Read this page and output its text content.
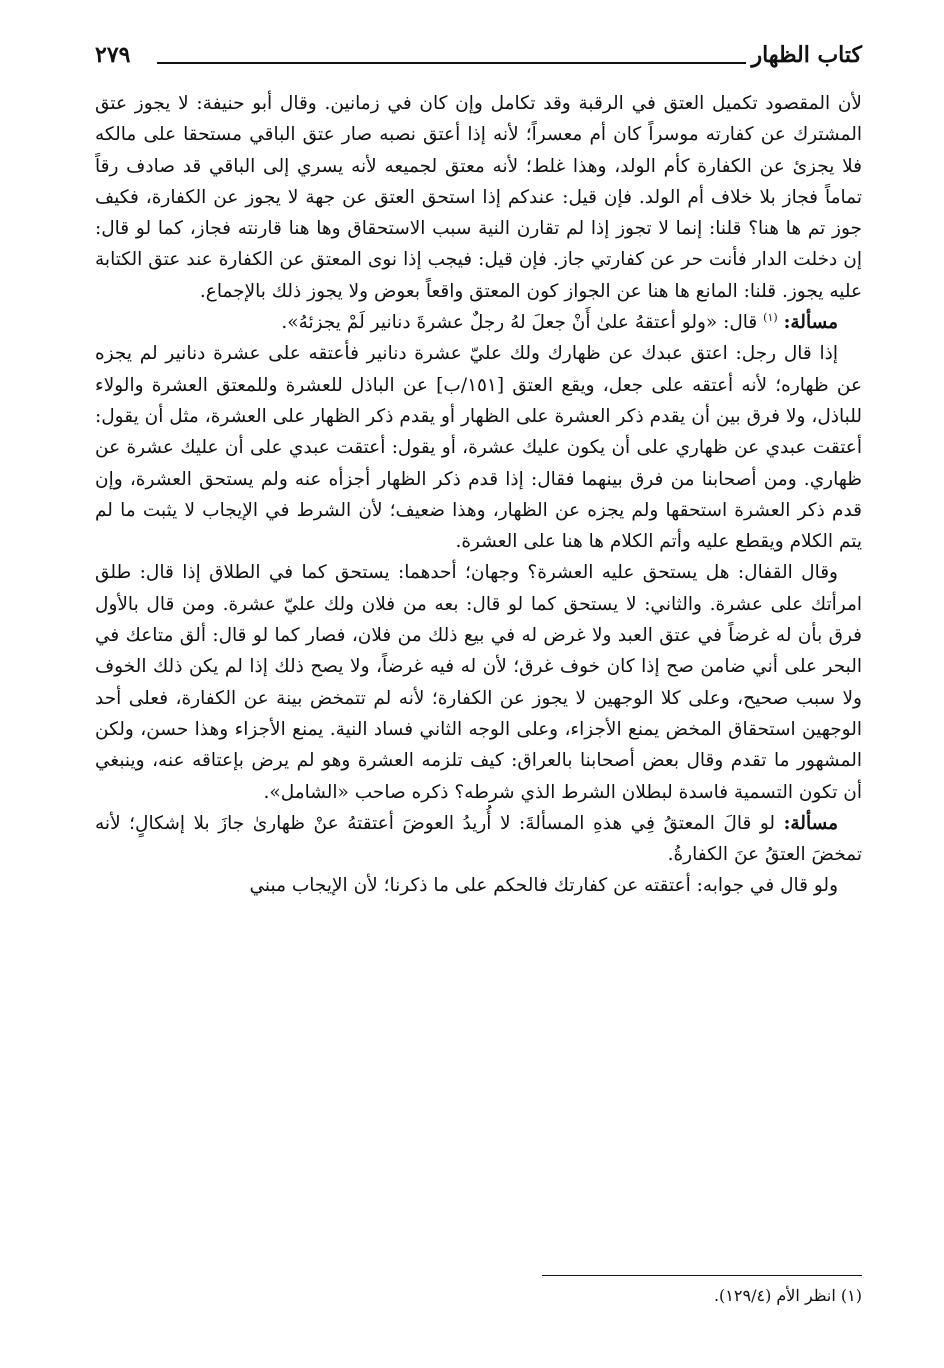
كتاب الظهار
٢٧٩

لأن المقصود تكميل العتق في الرقبة وقد تكامل وإن كان في زمانين. وقال أبو حنيفة: لا يجوز عتق المشترك عن كفارته موسراً كان أم معسراً؛ لأنه إذا أعتق نصبه صار عتق الباقي مستحقا على مالكه فلا يجزئ عن الكفارة كأم الولد، وهذا غلط؛ لأنه معتق لجميعه لأنه يسري إلى الباقي قد صادف رقاً تماماً فجاز بلا خلاف أم الولد. فإن قيل: عندكم إذا استحق العتق عن جهة لا يجوز عن الكفارة، فكيف جوز تم ها هنا؟ قلنا: إنما لا تجوز إذا لم تقارن النية سبب الاستحقاق وها هنا قارنته فجاز، كما لو قال: إن دخلت الدار فأنت حر عن كفارتي جاز. فإن قيل: فيجب إذا نوى المعتق عن الكفارة عند عتق الكتابة عليه يجوز. قلنا: المانع ها هنا عن الجواز كون المعتق واقعاً بعوض ولا يجوز ذلك بالإجماع.

مسألة: $^{(١)}$ قال: «ولو أعتقهُ علىٰ أَنْ جعلَ لهُ رجلٌ عشرةَ دنانير لَمْ يجزئهُ».

إذا قال رجل: اعتق عبدك عن ظهارك ولك عليّ عشرة دنانير فأعتقه على عشرة دنانير لم يجزه عن ظهاره؛ لأنه أعتقه على جعل، ويقع العتق [١٥١/ب] عن الباذل للعشرة وللمعتق العشرة والولاء للباذل، ولا فرق بين أن يقدم ذكر العشرة على الظهار أو يقدم ذكر الظهار على العشرة، مثل أن يقول: أعتقت عبدي عن ظهاري على أن يكون عليك عشرة، أو يقول: أعتقت عبدي على أن عليك عشرة عن ظهاري. ومن أصحابنا من فرق بينهما فقال: إذا قدم ذكر الظهار أجزأه عنه ولم يستحق العشرة، وإن قدم ذكر العشرة استحقها ولم يجزه عن الظهار، وهذا ضعيف؛ لأن الشرط في الإيجاب لا يثبت ما لم يتم الكلام ويقطع عليه وأتم الكلام ها هنا على العشرة.

وقال القفال: هل يستحق عليه العشرة؟ وجهان؛ أحدهما: يستحق كما في الطلاق إذا قال: طلق امرأتك على عشرة. والثاني: لا يستحق كما لو قال: بعه من فلان ولك عليّ عشرة. ومن قال بالأول فرق بأن له غرضاً في عتق العبد ولا غرض له في بيع ذلك من فلان، فصار كما لو قال: ألق متاعك في البحر على أني ضامن صح إذا كان خوف غرق؛ لأن له فيه غرضاً، ولا يصح ذلك إذا لم يكن ذلك الخوف ولا سبب صحيح، وعلى كلا الوجهين لا يجوز عن الكفارة؛ لأنه لم تتمخض بينة عن الكفارة، فعلى أحد الوجهين استحقاق المخض يمنع الأجزاء، وعلى الوجه الثاني فساد النية. يمنع الأجزاء وهذا حسن، ولكن المشهور ما تقدم وقال بعض أصحابنا بالعراق: كيف تلزمه العشرة وهو لم يرض بإعتاقه عنه، وينبغي أن تكون التسمية فاسدة لبطلان الشرط الذي شرطه؟ ذكره صاحب «الشامل».

مسألة: لو قالَ المعتقُ فِي هذهِ المسألةَ: لا أُريدُ العوضَ أعتقتهُ عنْ ظهارىٰ جازَ بلا إشكالٍ؛ لأنه تمخضَ العتقُ عنَ الكفارةُ.

ولو قال في جوابه: أعتقته عن كفارتك فالحكم على ما ذكرنا؛ لأن الإيجاب مبني

(١) انظر الأم (١٢٩/٤).
